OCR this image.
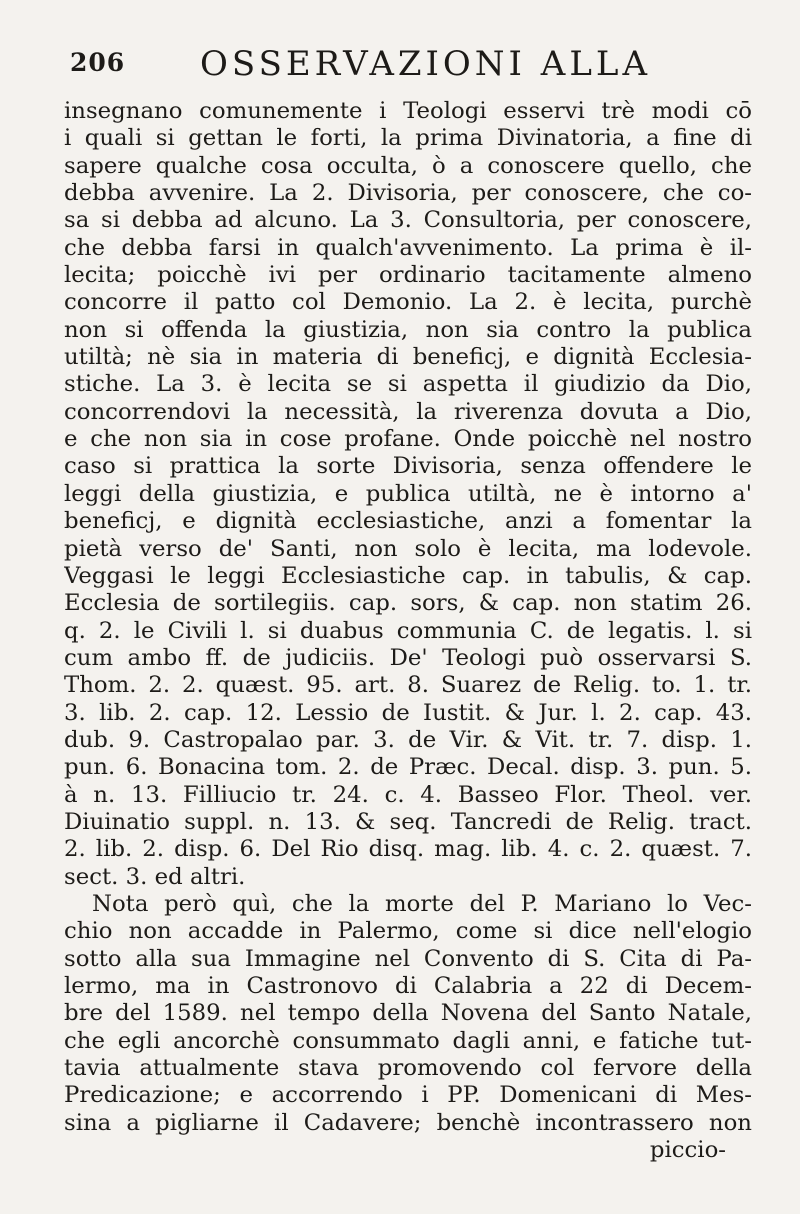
206 OSSERVAZIONI ALLA
insegnano comunemente i Teologi esservi trè modi cō
i quali si gettan le forti, la prima Divinatoria, a fine di
sapere qualche cosa occulta, ò a conoscere quello, che
debba avvenire. La 2. Divisoria, per conoscere, che co-
sa si debba ad alcuno. La 3. Consultoria, per conoscere,
che debba farsi in qualch'avvenimento. La prima è il-
lecita; poicchè ivi per ordinario tacitamente almeno
concorre il patto col Demonio. La 2. è lecita, purchè
non si offenda la giustizia, non sia contro la publica
utiltà; nè sia in materia di beneficj, e dignità Ecclesia-
stiche. La 3. è lecita se si aspetta il giudizio da Dio,
concorrendovi la necessità, la riverenza dovuta a Dio,
e che non sia in cose profane. Onde poicchè nel nostro
caso si prattica la sorte Divisoria, senza offendere le
leggi della giustizia, e publica utiltà, ne è intorno a'
beneficj, e dignità ecclesiastiche, anzi a fomentar la
pietà verso de' Santi, non solo è lecita, ma lodevole.
Veggasi le leggi Ecclesiastiche cap. in tabulis, & cap.
Ecclesia de sortilegiis. cap. sors, & cap. non statim 26.
q. 2. le Civili l. si duabus communia C. de legatis. l. si
cum ambo ff. de judiciis. De' Teologi può osservarsi S.
Thom. 2. 2. quæst. 95. art. 8. Suarez de Relig. to. 1. tr.
3. lib. 2. cap. 12. Lessio de Iustit. & Jur. l. 2. cap. 43.
dub. 9. Castropalao par. 3. de Vir. & Vit. tr. 7. disp. 1.
pun. 6. Bonacina tom. 2. de Præc. Decal. disp. 3. pun. 5.
à n. 13. Filliucio tr. 24. c. 4. Basseo Flor. Theol. ver.
Diuinatio suppl. n. 13. & seq. Tancredi de Relig. tract.
2. lib. 2. disp. 6. Del Rio disq. mag. lib. 4. c. 2. quæst. 7.
sect. 3. ed altri.
Nota però quì, che la morte del P. Mariano lo Vec-
chio non accadde in Palermo, come si dice nell'elogio
sotto alla sua Immagine nel Convento di S. Cita di Pa-
lermo, ma in Castronovo di Calabria a 22 di Decem-
bre del 1589. nel tempo della Novena del Santo Natale,
che egli ancorchè consummato dagli anni, e fatiche tut-
tavia attualmente stava promovendo col fervore della
Predicazione; e accorrendo i PP. Domenicani di Mes-
sina a pigliarne il Cadavere; benchè incontrassero non
piccio-
